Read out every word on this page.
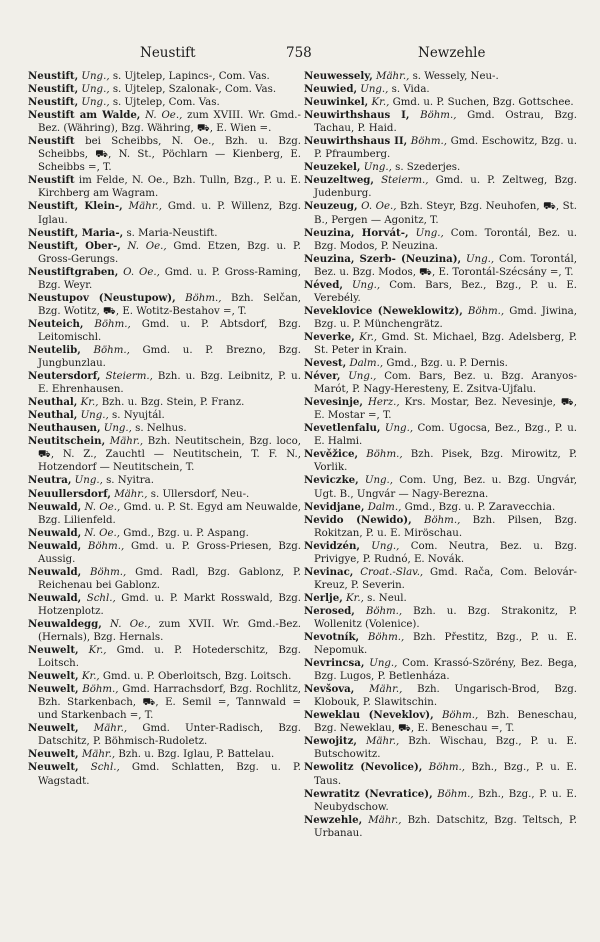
Neustift	758	Newzehle
Neustift, Ung., s. Ujtelep, Lapincs-, Com. Vas.
Neustift, Ung., s. Ujtelep, Szalonak-, Com. Vas.
Neustift, Ung., s. Ujtelep, Com. Vas.
Neustift am Walde, N. Oe., zum XVIII. Wr. Gmd.-Bez. (Währing), Bzg. Währing, ⛟, E. Wien =.
Neustift bei Scheibbs, N. Oe., Bzh. u. Bzg. Scheibbs, ⛟, N. St., Pöchlarn — Kienberg, E. Scheibbs =, T.
Neustift im Felde, N. Oe., Bzh. Tulln, Bzg., P. u. E. Kirchberg am Wagram.
Neustift, Klein-, Mähr., Gmd. u. P. Willenz, Bzg. Iglau.
Neustift, Maria-, s. Maria-Neustift.
Neustift, Ober-, N. Oe., Gmd. Etzen, Bzg. u. P. Gross-Gerungs.
Neustiftgraben, O. Oe., Gmd. u. P. Gross-Raming, Bzg. Weyr.
Neustupov (Neustupow), Böhm., Bzh. Selčan, Bzg. Wotitz, ⛟, E. Wotitz-Bestahov =, T.
Neuteich, Böhm., Gmd. u. P. Abtsdorf, Bzg. Leitomischl.
Neutelib, Böhm., Gmd. u. P. Brezno, Bzg. Jungbunzlau.
Neutersdorf, Steierm., Bzh. u. Bzg. Leibnitz, P. u. E. Ehrenhausen.
Neuthal, Kr., Bzh. u. Bzg. Stein, P. Franz.
Neuthal, Ung., s. Nyujtál.
Neuthausen, Ung., s. Nelhus.
Neutitschein, Mähr., Bzh. Neutitschein, Bzg. loco, ⛟, N. Z., Zauchtl — Neutitschein, T. F. N., Hotzendorf — Neutitschein, T.
Neutra, Ung., s. Nyitra.
Neuullersdorf, Mähr., s. Ullersdorf, Neu-.
Neuwald, N. Oe., Gmd. u. P. St. Egyd am Neuwalde, Bzg. Lilienfeld.
Neuwald, N. Oe., Gmd., Bzg. u. P. Aspang.
Neuwald, Böhm., Gmd. u. P. Gross-Priesen, Bzg. Aussig.
Neuwald, Böhm., Gmd. Radl, Bzg. Gablonz, P. Reichenau bei Gablonz.
Neuwald, Schl., Gmd. u. P. Markt Rosswald, Bzg. Hotzenplotz.
Neuwaldegg, N. Oe., zum XVII. Wr. Gmd.-Bez. (Hernals), Bzg. Hernals.
Neuwelt, Kr., Gmd. u. P. Hotederschitz, Bzg. Loitsch.
Neuwelt, Kr., Gmd. u. P. Oberloitsch, Bzg. Loitsch.
Neuwelt, Böhm., Gmd. Harrachsdorf, Bzg. Rochlitz, Bzh. Starkenbach, ⛟, E. Semil =, Tannwald = und Starkenbach =, T.
Neuwelt, Mähr., Gmd. Unter-Radisch, Bzg. Datschitz, P. Böhmisch-Rudoletz.
Neuwelt, Mähr., Bzh. u. Bzg. Iglau, P. Battelau.
Neuwelt, Schl., Gmd. Schlatten, Bzg. u. P. Wagstadt.
Neuwessely, Mähr., s. Wessely, Neu-.
Neuwied, Ung., s. Vida.
Neuwinkel, Kr., Gmd. u. P. Suchen, Bzg. Gottschee.
Neuwirthshaus I, Böhm., Gmd. Ostrau, Bzg. Tachau, P. Haid.
Neuwirthshaus II, Böhm., Gmd. Eschowitz, Bzg. u. P. Pfraumberg.
Neuzekel, Ung., s. Szederjes.
Neuzeltweg, Steierm., Gmd. u. P. Zeltweg, Bzg. Judenburg.
Neuzeug, O. Oe., Bzh. Steyr, Bzg. Neuhofen, ⛟, St. B., Pergen — Agonitz, T.
Neuzina, Horvát-, Ung., Com. Torontál, Bez. u. Bzg. Modos, P. Neuzina.
Neuzina, Szerb- (Neuzina), Ung., Com. Torontál, Bez. u. Bzg. Modos, ⛟, E. Torontál-Szécsány =, T.
Néved, Ung., Com. Bars, Bez., Bzg., P. u. E. Verebély.
Neveklovice (Neweklowitz), Böhm., Gmd. Jiwina, Bzg. u. P. Münchengrätz.
Neverke, Kr., Gmd. St. Michael, Bzg. Adelsberg, P. St. Peter in Krain.
Nevest, Dalm., Gmd., Bzg. u. P. Dernis.
Néver, Ung., Com. Bars, Bez. u. Bzg. Aranyos-Marót, P. Nagy-Heresteny, E. Zsitva-Ujfalu.
Nevesinje, Herz., Krs. Mostar, Bez. Nevesinje, ⛟, E. Mostar =, T.
Nevetlenfalu, Ung., Com. Ugocsa, Bez., Bzg., P. u. E. Halmi.
Nevěžice, Böhm., Bzh. Pisek, Bzg. Mirowitz, P. Vorlik.
Neviczke, Ung., Com. Ung, Bez. u. Bzg. Ungvár, Ugt. B., Ungvár — Nagy-Berezna.
Nevidjane, Dalm., Gmd., Bzg. u. P. Zaravecchia.
Nevido (Newido), Böhm., Bzh. Pilsen, Bzg. Rokitzan, P. u. E. Miröschau.
Nevidzén, Ung., Com. Neutra, Bez. u. Bzg. Privigye, P. Rudnó, E. Novák.
Nevinac, Croat.-Slav., Gmd. Rača, Com. Belovár-Kreuz, P. Severin.
Nerlje, Kr., s. Neul.
Nerosed, Böhm., Bzh. u. Bzg. Strakonitz, P. Wollenitz (Volenice).
Nevotník, Böhm., Bzh. Přestitz, Bzg., P. u. E. Nepomuk.
Nevrincsa, Ung., Com. Krassó-Szörény, Bez. Bega, Bzg. Lugos, P. Betlenháza.
Nevšova, Mähr., Bzh. Ungarisch-Brod, Bzg. Klobouk, P. Slawitschin.
Neweklau (Neveklov), Böhm., Bzh. Beneschau, Bzg. Neweklau, ⛟, E. Beneschau =, T.
Newojitz, Mähr., Bzh. Wischau, Bzg., P. u. E. Butschowitz.
Newolitz (Nevolice), Böhm., Bzh., Bzg., P. u. E. Taus.
Newratitz (Nevratice), Böhm., Bzh., Bzg., P. u. E. Neubydschow.
Newzehle, Mähr., Bzh. Datschitz, Bzg. Teltsch, P. Urbanau.
